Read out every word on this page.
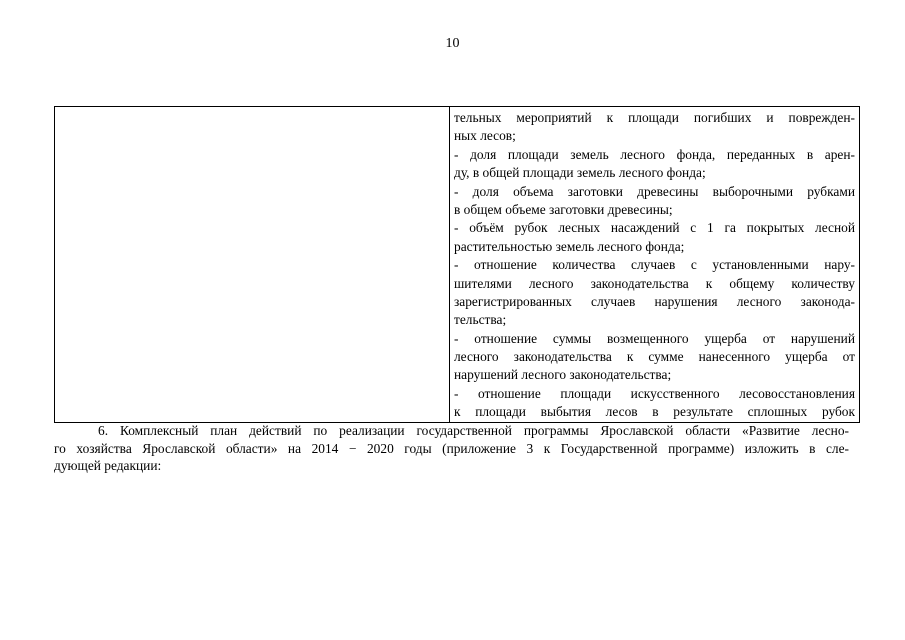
10

тельных мероприятий к площади погибших и поврежден-
ных лесов;
- доля площади земель лесного фонда, переданных в арен-
ду, в общей площади земель лесного фонда;
- доля объема заготовки древесины выборочными рубками
в общем объеме заготовки древесины;
- объём рубок лесных насаждений с 1 га покрытых лесной
растительностью земель лесного фонда;
- отношение количества случаев с установленными нару-
шителями лесного законодательства к общему количеству
зарегистрированных случаев нарушения лесного законода-
тельства;
- отношение суммы возмещенного ущерба от нарушений
лесного законодательства к сумме нанесенного ущерба от
нарушений лесного законодательства;
- отношение площади искусственного лесовосстановления
к площади выбытия лесов в результате сплошных рубок
6. Комплексный план действий по реализации государственной программы Ярославской области «Развитие лесно-
го хозяйства Ярославской области» на 2014 − 2020 годы (приложение 3 к Государственной программе) изложить в сле-
дующей редакции:
